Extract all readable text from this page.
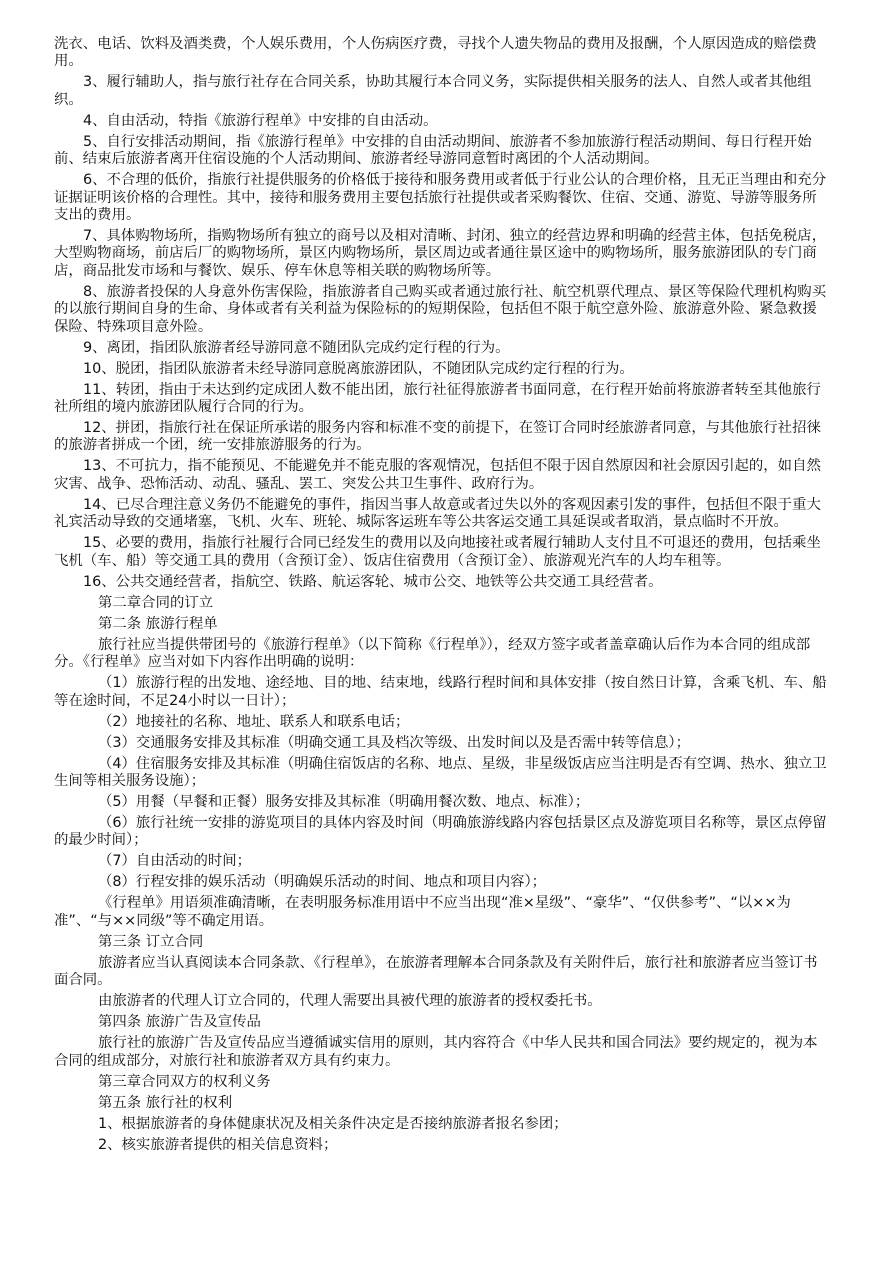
洗衣、电话、饮料及酒类费，个人娱乐费用，个人伤病医疗费，寻找个人遗失物品的费用及报酬，个人原因造成的赔偿费用。

3、履行辅助人，指与旅行社存在合同关系，协助其履行本合同义务，实际提供相关服务的法人、自然人或者其他组织。

4、自由活动，特指《旅游行程单》中安排的自由活动。

5、自行安排活动期间，指《旅游行程单》中安排的自由活动期间、旅游者不参加旅游行程活动期间、每日行程开始前、结束后旅游者离开住宿设施的个人活动期间、旅游者经导游同意暂时离团的个人活动期间。

6、不合理的低价，指旅行社提供服务的价格低于接待和服务费用或者低于行业公认的合理价格，且无正当理由和充分证据证明该价格的合理性。其中，接待和服务费用主要包括旅行社提供或者采购餐饮、住宿、交通、游览、导游等服务所支出的费用。

7、具体购物场所，指购物场所有独立的商号以及相对清晰、封闭、独立的经营边界和明确的经营主体，包括免税店，大型购物商场，前店后厂的购物场所，景区内购物场所，景区周边或者通往景区途中的购物场所，服务旅游团队的专门商店，商品批发市场和与餐饮、娱乐、停车休息等相关联的购物场所等。

8、旅游者投保的人身意外伤害保险，指旅游者自己购买或者通过旅行社、航空机票代理点、景区等保险代理机构购买的以旅行期间自身的生命、身体或者有关利益为保险标的的短期保险，包括但不限于航空意外险、旅游意外险、紧急救援保险、特殊项目意外险。

9、离团，指团队旅游者经导游同意不随团队完成约定行程的行为。

10、脱团，指团队旅游者未经导游同意脱离旅游团队，不随团队完成约定行程的行为。

11、转团，指由于未达到约定成团人数不能出团，旅行社征得旅游者书面同意，在行程开始前将旅游者转至其他旅行社所组的境内旅游团队履行合同的行为。

12、拼团，指旅行社在保证所承诺的服务内容和标准不变的前提下，在签订合同时经旅游者同意，与其他旅行社招徕的旅游者拼成一个团，统一安排旅游服务的行为。

13、不可抗力，指不能预见、不能避免并不能克服的客观情况，包括但不限于因自然原因和社会原因引起的，如自然灾害、战争、恐怖活动、动乱、骚乱、罢工、突发公共卫生事件、政府行为。

14、已尽合理注意义务仍不能避免的事件，指因当事人故意或者过失以外的客观因素引发的事件，包括但不限于重大礼宾活动导致的交通堵塞，飞机、火车、班轮、城际客运班车等公共客运交通工具延误或者取消，景点临时不开放。

15、必要的费用，指旅行社履行合同已经发生的费用以及向地接社或者履行辅助人支付且不可退还的费用，包括乘坐飞机（车、船）等交通工具的费用（含预订金）、饭店住宿费用（含预订金）、旅游观光汽车的人均车租等。

16、公共交通经营者，指航空、铁路、航运客轮、城市公交、地铁等公共交通工具经营者。

第二章合同的订立

第二条 旅游行程单

旅行社应当提供带团号的《旅游行程单》（以下简称《行程单》），经双方签字或者盖章确认后作为本合同的组成部分。《行程单》应当对如下内容作出明确的说明：

（1）旅游行程的出发地、途经地、目的地、结束地，线路行程时间和具体安排（按自然日计算，含乘飞机、车、船等在途时间，不足24小时以一日计）；

（2）地接社的名称、地址、联系人和联系电话；

（3）交通服务安排及其标准（明确交通工具及档次等级、出发时间以及是否需中转等信息）；

（4）住宿服务安排及其标准（明确住宿饭店的名称、地点、星级，非星级饭店应当注明是否有空调、热水、独立卫生间等相关服务设施）；

（5）用餐（早餐和正餐）服务安排及其标准（明确用餐次数、地点、标准）；

（6）旅行社统一安排的游览项目的具体内容及时间（明确旅游线路内容包括景区点及游览项目名称等，景区点停留的最少时间）；

（7）自由活动的时间；

（8）行程安排的娱乐活动（明确娱乐活动的时间、地点和项目内容）；

《行程单》用语须准确清晰，在表明服务标准用语中不应当出现“准×星级”、“豪华”、“仅供参考”、“以××为准”、“与××同级”等不确定用语。

第三条 订立合同

旅游者应当认真阅读本合同条款、《行程单》，在旅游者理解本合同条款及有关附件后，旅行社和旅游者应当签订书面合同。

由旅游者的代理人订立合同的，代理人需要出具被代理的旅游者的授权委托书。

第四条 旅游广告及宣传品

旅行社的旅游广告及宣传品应当遵循诚实信用的原则，其内容符合《中华人民共和国合同法》要约规定的，视为本合同的组成部分，对旅行社和旅游者双方具有约束力。

第三章合同双方的权利义务

第五条 旅行社的权利

1、根据旅游者的身体健康状况及相关条件决定是否接纳旅游者报名参团；

2、核实旅游者提供的相关信息资料；
